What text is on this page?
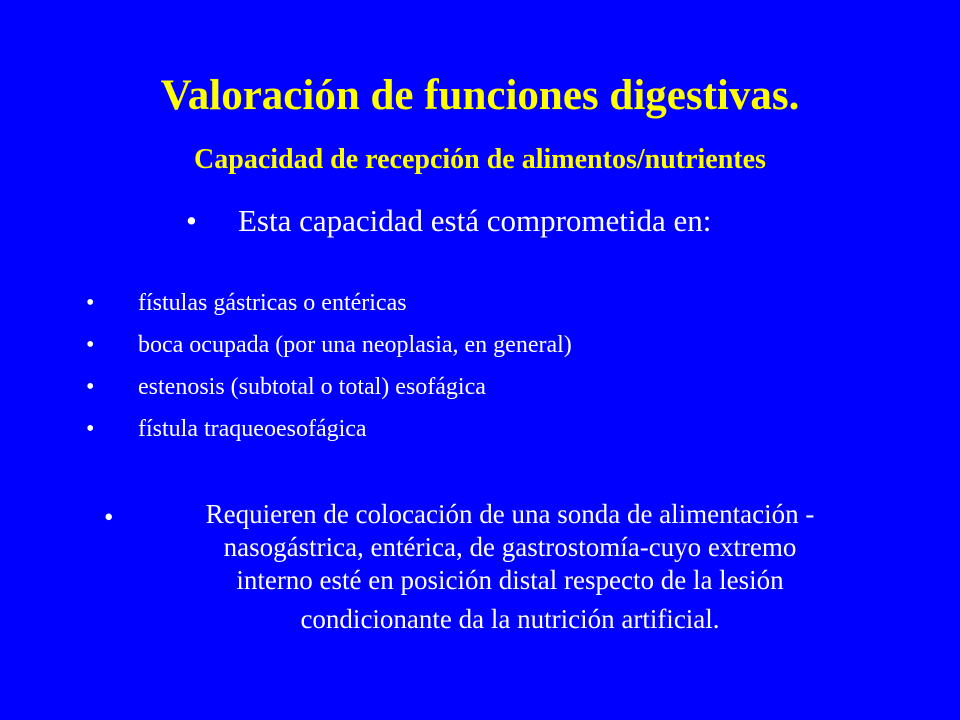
Valoración de funciones digestivas.
Capacidad de recepción de alimentos/nutrientes
• Esta capacidad está comprometida en:
• fístulas gástricas o entéricas
• boca ocupada (por una neoplasia, en general)
• estenosis (subtotal o total) esofágica
• fístula traqueoesofágica
•	Requieren de colocación de una sonda de alimentación -
nasogástrica, entérica, de gastrostomía-cuyo extremo
interno esté en posición distal respecto de la lesión
condicionante da la nutrición artificial.
